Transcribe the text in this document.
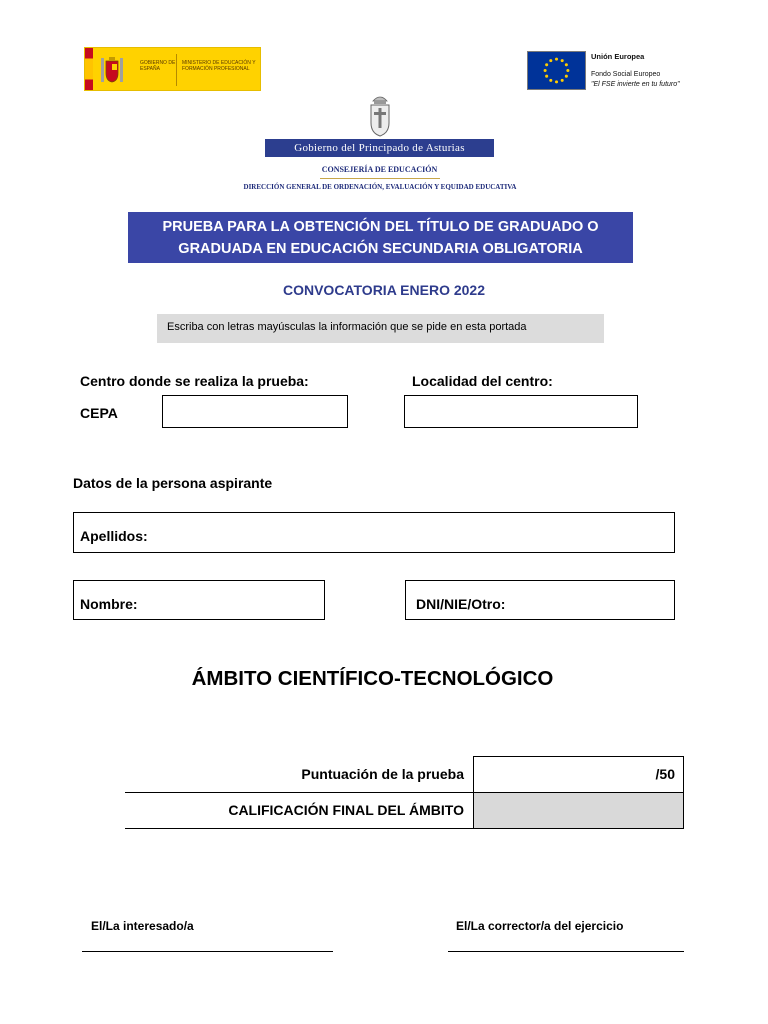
GOBIERNO DE ESPAÑA
MINISTERIO DE EDUCACIÓN Y FORMACIÓN PROFESIONAL
Unión Europea
Fondo Social Europeo
"El FSE invierte en tu futuro"
Gobierno del Principado de Asturias
CONSEJERÍA DE EDUCACIÓN
DIRECCIÓN GENERAL DE ORDENACIÓN, EVALUACIÓN Y EQUIDAD EDUCATIVA
PRUEBA PARA LA OBTENCIÓN DEL TÍTULO DE GRADUADO O
GRADUADA EN EDUCACIÓN SECUNDARIA OBLIGATORIA
CONVOCATORIA ENERO 2022
Escriba con letras mayúsculas la información que se pide en esta portada
Centro donde se realiza la prueba:	Localidad del centro:
CEPA
Datos de la persona aspirante
Apellidos:
Nombre:	DNI/NIE/Otro:
ÁMBITO CIENTÍFICO-TECNOLÓGICO
Puntuación de la prueba	/50
CALIFICACIÓN FINAL DEL ÁMBITO
El/La interesado/a	El/La corrector/a del ejercicio
